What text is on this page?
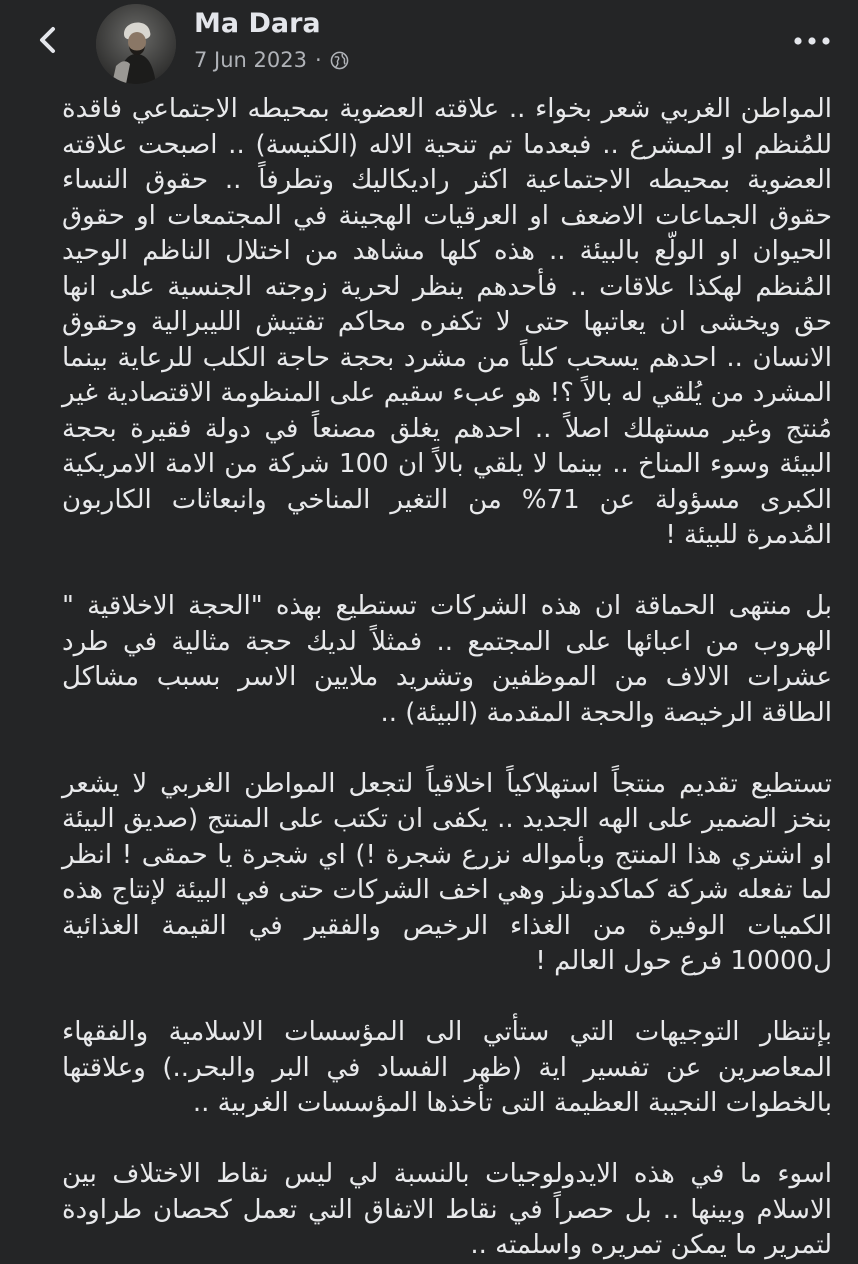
Ma Dara
7 Jun 2023 ·

المواطن الغربي شعر بخواء .. علاقته العضوية بمحيطه الاجتماعي فاقدة للمُنظم او المشرع .. فبعدما تم تنحية الاله (الكنيسة) .. اصبحت علاقته العضوية بمحيطه الاجتماعية اكثر راديكاليك وتطرفاً .. حقوق النساء حقوق الجماعات الاضعف او العرقيات الهجينة في المجتمعات او حقوق الحيوان او الولّع بالبيئة .. هذه كلها مشاهد من اختلال الناظم الوحيد المُنظم لهكذا علاقات .. فأحدهم ينظر لحرية زوجته الجنسية على انها حق ويخشى ان يعاتبها حتى لا تكفره محاكم تفتيش الليبرالية وحقوق الانسان .. احدهم يسحب كلباً من مشرد بحجة حاجة الكلب للرعاية بينما المشرد من يُلقي له بالاً ؟! هو عبء سقيم على المنظومة الاقتصادية غير مُنتج وغير مستهلك اصلاً .. احدهم يغلق مصنعاً في دولة فقيرة بحجة البيئة وسوء المناخ .. بينما لا يلقي بالاً ان 100 شركة من الامة الامريكية الكبرى مسؤولة عن 71% من التغير المناخي وانبعاثات الكاربون المُدمرة للبيئة !

بل منتهى الحماقة ان هذه الشركات تستطيع بهذه "الحجة الاخلاقية " الهروب من اعبائها على المجتمع .. فمثلاً لديك حجة مثالية في طرد عشرات الالاف من الموظفين وتشريد ملايين الاسر بسبب مشاكل الطاقة الرخيصة والحجة المقدمة (البيئة) ..

تستطيع تقديم منتجاً استهلاكياً اخلاقياً لتجعل المواطن الغربي لا يشعر بنخز الضمير على الهه الجديد .. يكفى ان تكتب على المنتج (صديق البيئة او اشتري هذا المنتج وبأمواله نزرع شجرة !) اي شجرة يا حمقى ! انظر لما تفعله شركة كماكدونلز وهي اخف الشركات حتى في البيئة لإنتاج هذه الكميات الوفيرة من الغذاء الرخيص والفقير في القيمة الغذائية ل10000 فرع حول العالم !

بإنتظار التوجيهات التي ستأتي الى المؤسسات الاسلامية والفقهاء المعاصرين عن تفسير اية (ظهر الفساد في البر والبحر..) وعلاقتها بالخطوات النجيبة العظيمة التى تأخذها المؤسسات الغربية ..

اسوء ما في هذه الايدولوجيات بالنسبة لي ليس نقاط الاختلاف بين الاسلام وبينها .. بل حصراً في نقاط الاتفاق التي تعمل كحصان طراودة لتمرير ما يمكن تمريره واسلمته ..
